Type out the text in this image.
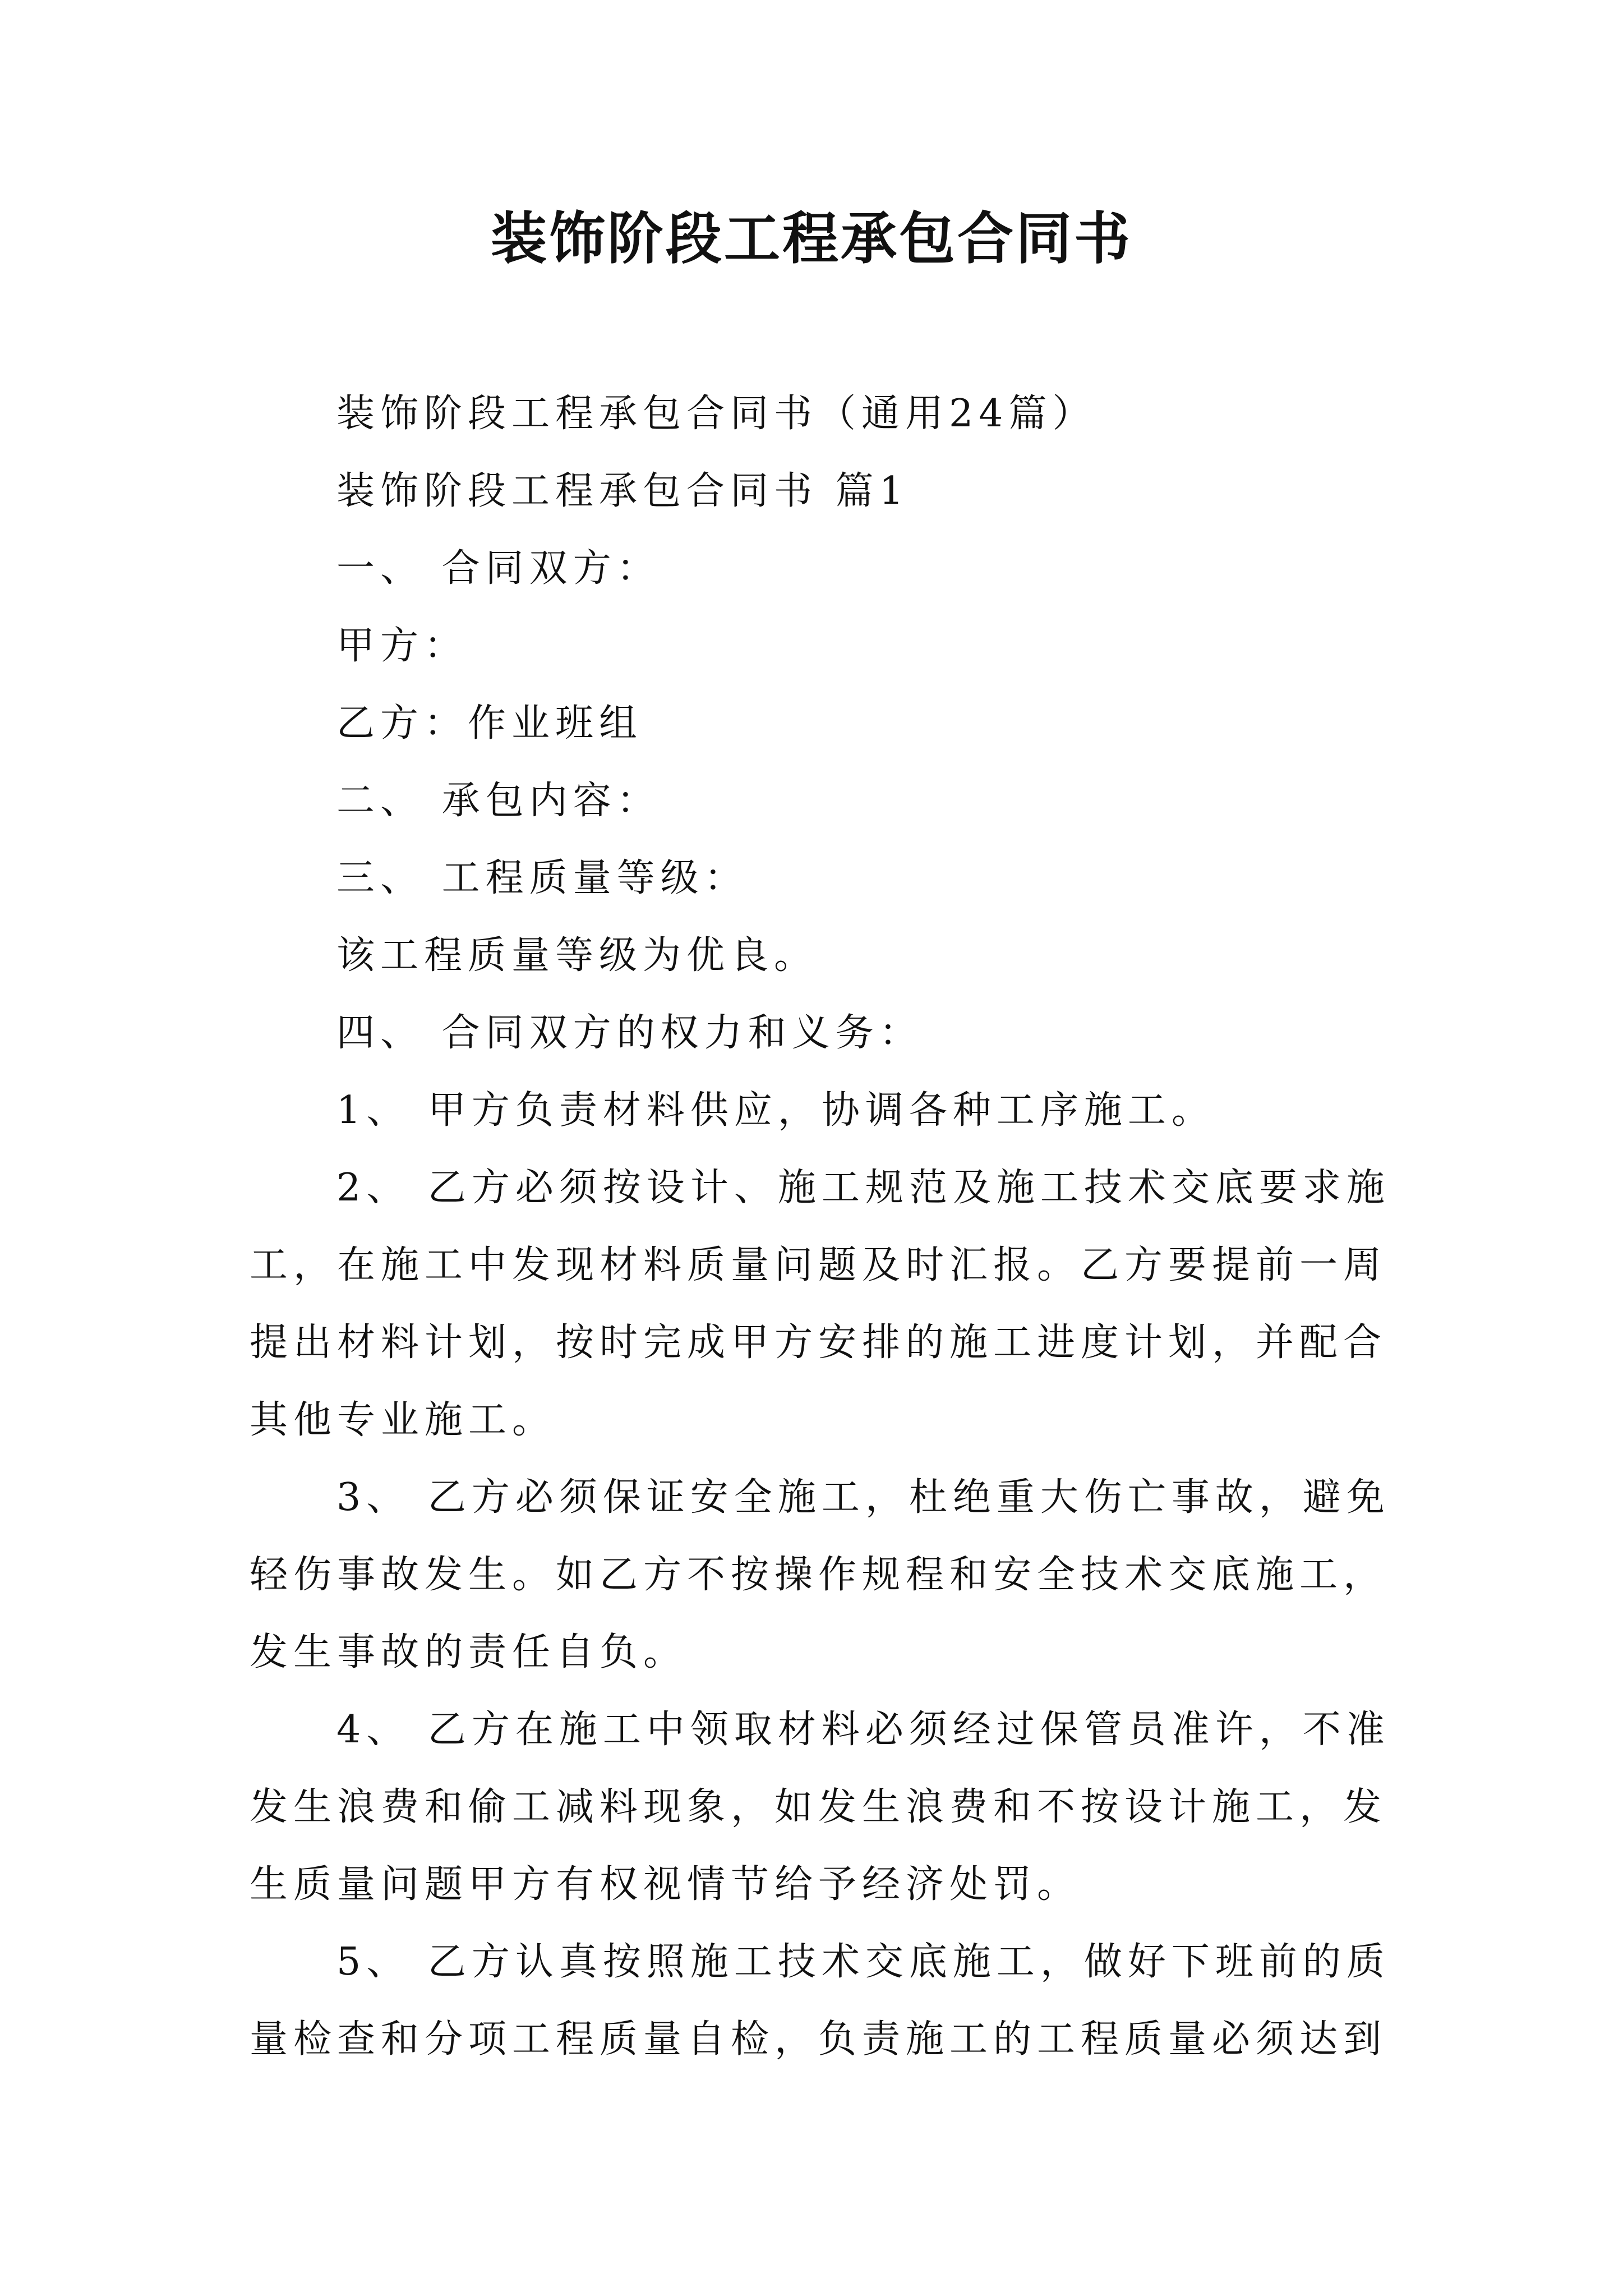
装饰阶段工程承包合同书
装饰阶段工程承包合同书（通用24篇）
装饰阶段工程承包合同书 篇1
一、 合同双方：
甲方：
乙方：作业班组
二、 承包内容：
三、 工程质量等级：
该工程质量等级为优良。
四、 合同双方的权力和义务：
1、 甲方负责材料供应，协调各种工序施工。
2、 乙方必须按设计、施工规范及施工技术交底要求施
工，在施工中发现材料质量问题及时汇报。乙方要提前一周
提出材料计划，按时完成甲方安排的施工进度计划，并配合
其他专业施工。
3、 乙方必须保证安全施工，杜绝重大伤亡事故，避免
轻伤事故发生。如乙方不按操作规程和安全技术交底施工，
发生事故的责任自负。
4、 乙方在施工中领取材料必须经过保管员准许，不准
发生浪费和偷工减料现象，如发生浪费和不按设计施工，发
生质量问题甲方有权视情节给予经济处罚。
5、 乙方认真按照施工技术交底施工，做好下班前的质
量检查和分项工程质量自检，负责施工的工程质量必须达到
